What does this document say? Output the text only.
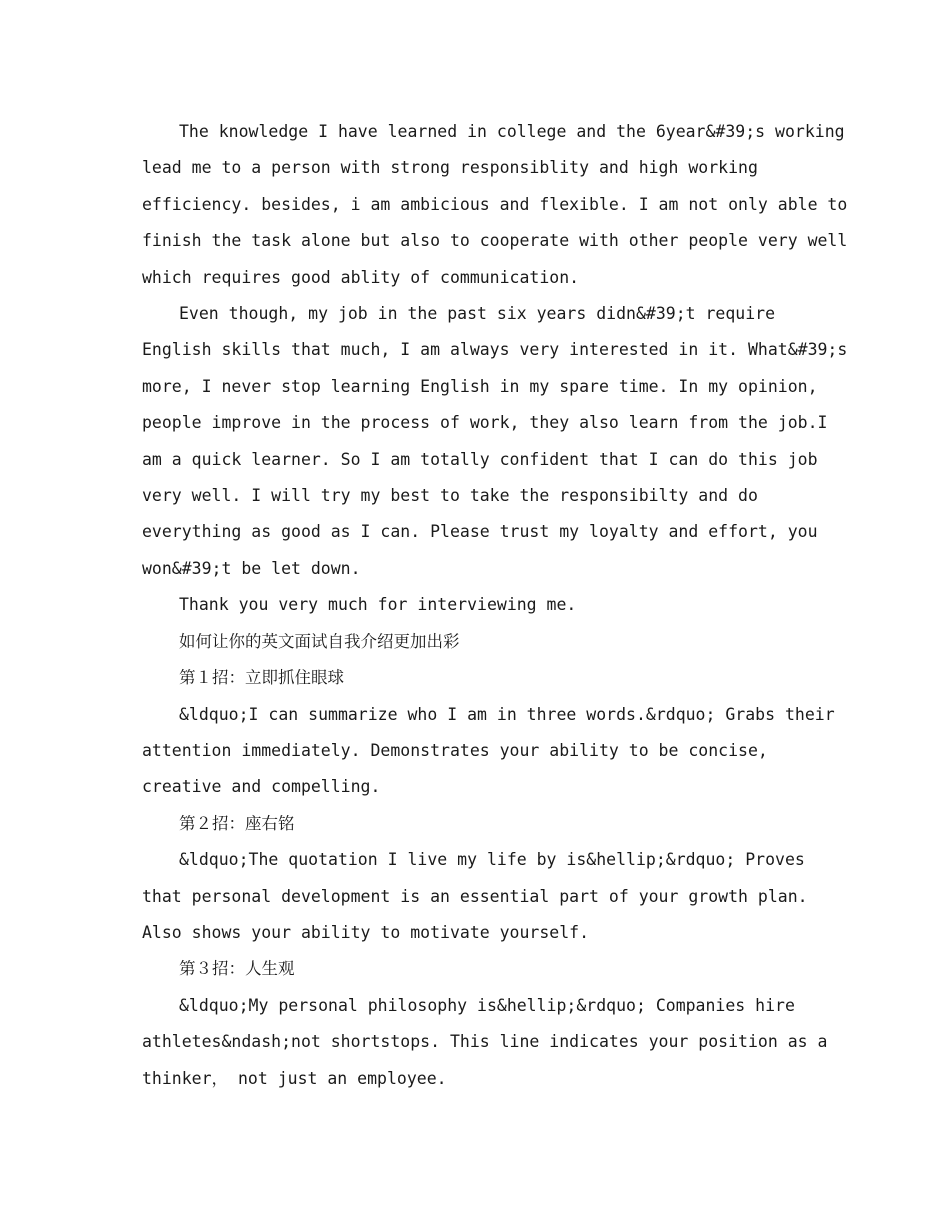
The knowledge I have learned in college and the 6year&#39;s working
lead me to a person with strong responsiblity and high working
efficiency. besides, i am ambicious and flexible. I am not only able to
finish the task alone but also to cooperate with other people very well
which requires good ablity of communication.
Even though, my job in the past six years didn&#39;t require
English skills that much, I am always very interested in it. What&#39;s
more, I never stop learning English in my spare time. In my opinion,
people improve in the process of work, they also learn from the job.I
am a quick learner. So I am totally confident that I can do this job
very well. I will try my best to take the responsibilty and do
everything as good as I can. Please trust my loyalty and effort, you
won&#39;t be let down.
Thank you very much for interviewing me.
如何让你的英文面试自我介绍更加出彩
第１招：立即抓住眼球
&ldquo;I can summarize who I am in three words.&rdquo; Grabs their
attention immediately. Demonstrates your ability to be concise,
creative and compelling.
第２招：座右铭
&ldquo;The quotation I live my life by is&hellip;&rdquo; Proves
that personal development is an essential part of your growth plan.
Also shows your ability to motivate yourself.
第３招：人生观
&ldquo;My personal philosophy is&hellip;&rdquo; Companies hire
athletes&ndash;not shortstops. This line indicates your position as a
thinker， not just an employee.
